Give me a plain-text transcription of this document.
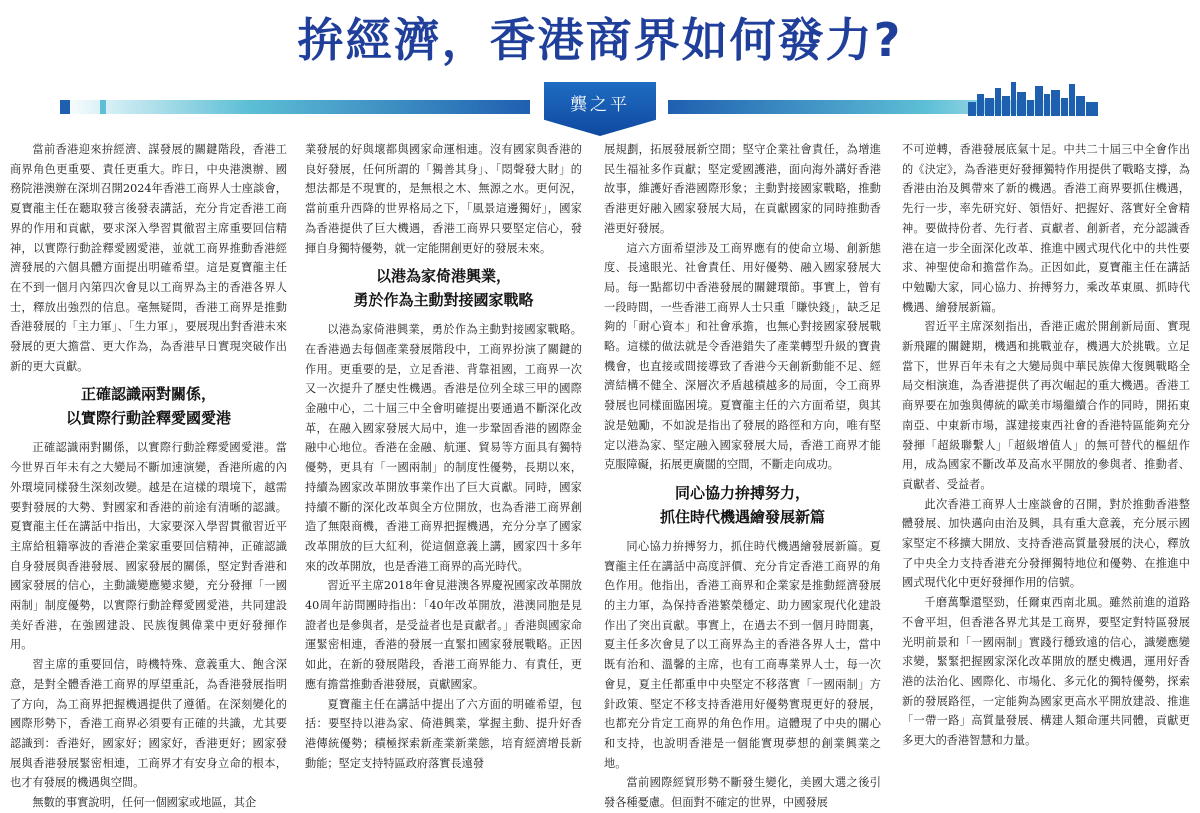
拚經濟，香港商界如何發力?
龔之平

當前香港迎來拚經濟、謀發展的關鍵階段，香港工商界角色更重要、責任更重大。昨日，中央港澳辦、國務院港澳辦在深圳召開2024年香港工商界人士座談會，夏寶龍主任在聽取發言後發表講話，充分肯定香港工商界的作用和貢獻，要求深入學習貫徹習主席重要回信精神，以實際行動詮釋愛國愛港，並就工商界推動香港經濟發展的六個具體方面提出明確希望。這是夏寶龍主任在不到一個月內第四次會見以工商界為主的香港各界人士，釋放出強烈的信息。毫無疑問，香港工商界是推動香港發展的「主力軍」、「生力軍」，要展現出對香港未來發展的更大擔當、更大作為，為香港早日實現突破作出新的更大貢獻。

正確認識兩對關係，
以實際行動詮釋愛國愛港

正確認識兩對關係，以實際行動詮釋愛國愛港。當今世界百年未有之大變局不斷加速演變，香港所處的內外環境同樣發生深刻改變。越是在這樣的環境下，越需要對發展的大勢、對國家和香港的前途有清晰的認識。夏寶龍主任在講話中指出，大家要深入學習貫徹習近平主席給租籍寧波的香港企業家重要回信精神，正確認識自身發展與香港發展、國家發展的關係，堅定對香港和國家發展的信心，主動識變應變求變，充分發揮「一國兩制」制度優勢，以實際行動詮釋愛國愛港，共同建設美好香港，在強國建設、民族復興偉業中更好發揮作用。

習主席的重要回信，時機特殊、意義重大、飽含深意，是對全體香港工商界的厚望重託，為香港發展指明了方向，為工商界把握機遇提供了遵循。在深刻變化的國際形勢下，香港工商界必須要有正確的共識，尤其要認識到：香港好，國家好；國家好，香港更好；國家發展與香港發展緊密相連，工商界才有安身立命的根本，也才有發展的機遇與空間。

無數的事實說明，任何一個國家或地區，其企

業發展的好與壞都與國家命運相連。沒有國家與香港的良好發展，任何所謂的「獨善其身」、「悶聲發大財」的想法都是不現實的，是無根之木、無源之水。更何況，當前重升西降的世界格局之下，「風景這邊獨好」，國家為香港提供了巨大機遇，香港工商界只要堅定信心，發揮自身獨特優勢，就一定能開創更好的發展未來。

以港為家倚港興業，
勇於作為主動對接國家戰略

以港為家倚港興業，勇於作為主動對接國家戰略。在香港過去每個產業發展階段中，工商界扮演了關鍵的作用。更重要的是，立足香港、背靠祖國，工商界一次又一次提升了歷史性機遇。香港是位列全球三甲的國際金融中心，二十屆三中全會明確提出要通過不斷深化改革，在融入國家發展大局中，進一步鞏固香港的國際金融中心地位。香港在金融、航運、貿易等方面具有獨特優勢，更具有「一國兩制」的制度性優勢，長期以來，持續為國家改革開放事業作出了巨大貢獻。同時，國家持續不斷的深化改革與全方位開放，也為香港工商界創造了無限商機，香港工商界把握機遇，充分分享了國家改革開放的巨大紅利，從這個意義上講，國家四十多年來的改革開放，也是香港工商界的高光時代。

習近平主席2018年會見港澳各界慶祝國家改革開放40周年訪問團時指出：「40年改革開放，港澳同胞是見證者也是參與者，是受益者也是貢獻者。」香港與國家命運緊密相連，香港的發展一直緊扣國家發展戰略。正因如此，在新的發展階段，香港工商界能力、有責任，更應有擔當推動香港發展，貢獻國家。

夏寶龍主任在講話中提出了六方面的明確希望，包括：要堅持以港為家、倚港興業，掌握主動、提升好香港傳統優勢；積極探索新產業新業態，培育經濟增長新動能；堅定支持特區政府落實長遠發

展規劃，拓展發展新空間；堅守企業社會責任，為增進民生福祉多作貢獻；堅定愛國護港，面向海外講好香港故事，維護好香港國際形象；主動對接國家戰略，推動香港更好融入國家發展大局，在貢獻國家的同時推動香港更好發展。

這六方面希望涉及工商界應有的使命立場、創新態度、長遠眼光、社會責任、用好優勢、融入國家發展大局。每一點都切中香港發展的關鍵環節。事實上，曾有一段時間，一些香港工商界人士只重「賺快錢」，缺乏足夠的「耐心資本」和社會承擔，也無心對接國家發展戰略。這樣的做法就是令香港錯失了產業轉型升級的寶貴機會，也直接或間接導致了香港今天創新動能不足、經濟結構不健全、深層次矛盾越積越多的局面，令工商界發展也同樣面臨困境。夏寶龍主任的六方面希望，與其說是勉勵，不如說是指出了發展的路徑和方向，唯有堅定以港為家、堅定融入國家發展大局，香港工商界才能克服障礙，拓展更廣闊的空間，不斷走向成功。

同心協力拚搏努力，
抓住時代機遇繪發展新篇

同心協力拚搏努力，抓住時代機遇繪發展新篇。夏寶龍主任在講話中高度評價、充分肯定香港工商界的角色作用。他指出，香港工商界和企業家是推動經濟發展的主力軍，為保持香港繁榮穩定、助力國家現代化建設作出了突出貢獻。事實上，在過去不到一個月時間裏，夏主任多次會見了以工商界為主的香港各界人士，當中既有治和、溫馨的主席，也有工商專業界人士，每一次會見，夏主任都重申中央堅定不移落實「一國兩制」方針政策、堅定不移支持香港用好優勢實現更好的發展，也都充分肯定工商界的角色作用。這體現了中央的關心和支持，也說明香港是一個能實現夢想的創業興業之地。

當前國際經貿形勢不斷發生變化，美國大選之後引發各種憂慮。但面對不確定的世界，中國發展

不可逆轉，香港發展底氣十足。中共二十屆三中全會作出的《決定》，為香港更好發揮獨特作用提供了戰略支撐，為香港由治及興帶來了新的機遇。香港工商界要抓住機遇，先行一步，率先研究好、領悟好、把握好、落實好全會精神。要做持份者、先行者、貢獻者、創新者，充分認識香港在這一步全面深化改革、推進中國式現代化中的共性要求、神聖使命和擔當作為。正因如此，夏寶龍主任在講話中勉勵大家，同心協力、拚搏努力，乘改革東風、抓時代機遇、繪發展新篇。

習近平主席深刻指出，香港正處於開創新局面、實現新飛躍的關鍵期，機遇和挑戰並存，機遇大於挑戰。立足當下，世界百年未有之大變局與中華民族偉大復興戰略全局交相演進，為香港提供了再次崛起的重大機遇。香港工商界要在加強與傳統的歐美市場繼續合作的同時，開拓東南亞、中東新市場，謀建接東西社會的香港特區能夠充分發揮「超級聯繫人」「超級增值人」的無可替代的樞紐作用，成為國家不斷改革及高水平開放的參與者、推動者、貢獻者、受益者。

此次香港工商界人士座談會的召開，對於推動香港整體發展、加快邁向由治及興，具有重大意義，充分展示國家堅定不移擴大開放、支持香港高質量發展的決心，釋放了中央全力支持香港充分發揮獨特地位和優勢、在推進中國式現代化中更好發揮作用的信號。

千磨萬擊還堅勁，任爾東西南北風。雖然前進的道路不會平坦，但香港各界尤其是工商界，要堅定對特區發展光明前景和「一國兩制」實踐行穩致遠的信心，識變應變求變，緊緊把握國家深化改革開放的歷史機遇，運用好香港的法治化、國際化、市場化、多元化的獨特優勢，探索新的發展路徑，一定能夠為國家更高水平開放建設、推進「一帶一路」高質量發展、構建人類命運共同體，貢獻更多更大的香港智慧和力量。
